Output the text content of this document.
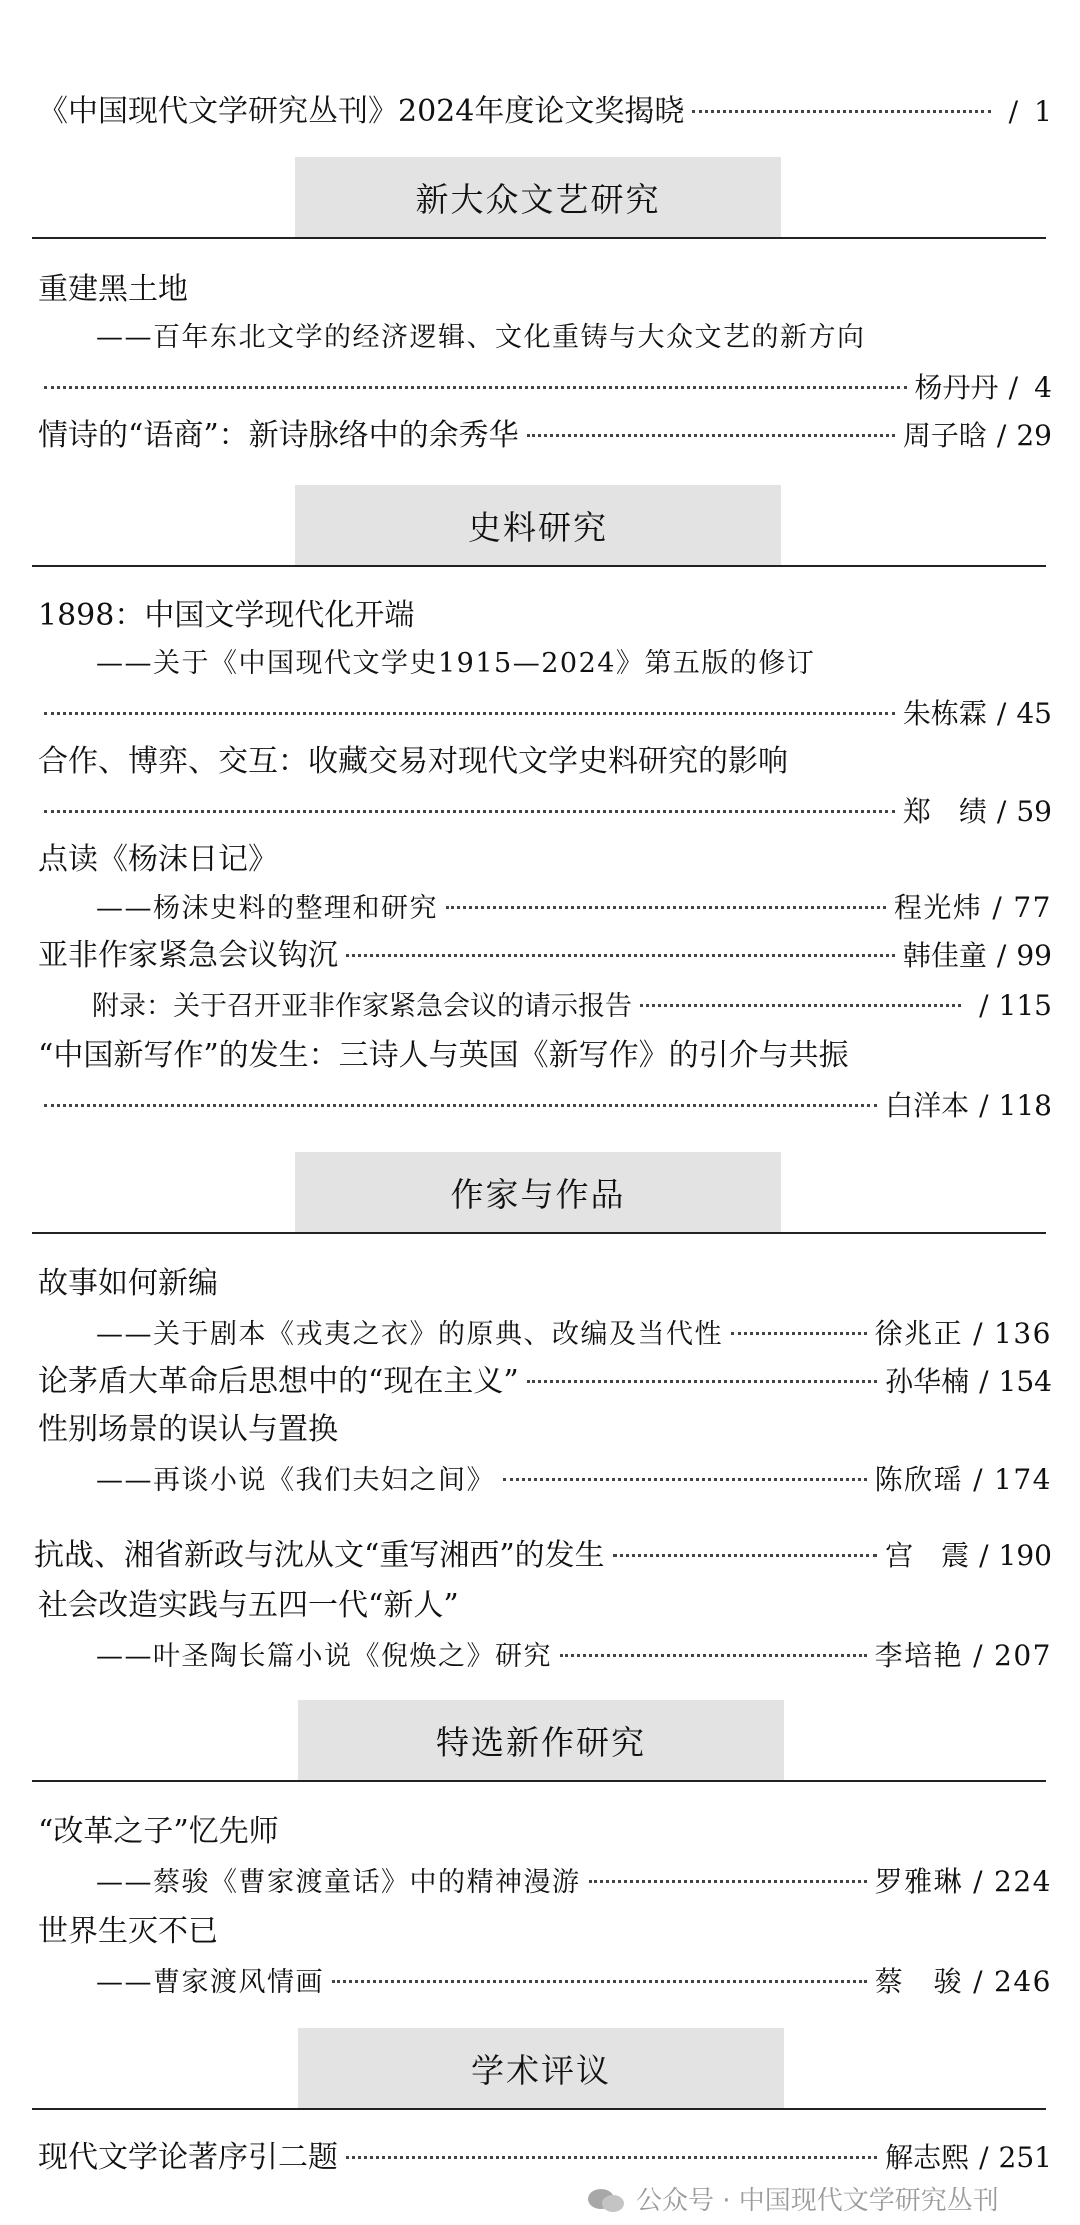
《中国现代文学研究丛刊》2024年度论文奖揭晓	/ 1
新大众文艺研究
重建黑土地
——百年东北文学的经济逻辑、文化重铸与大众文艺的新方向
杨丹丹 / 4
情诗的“语商”：新诗脉络中的余秀华	周子晗 / 29
史料研究
1898：中国文学现代化开端
——关于《中国现代文学史1915—2024》第五版的修订
朱栋霖 / 45
合作、博弈、交互：收藏交易对现代文学史料研究的影响
郑　绩 / 59
点读《杨沫日记》
——杨沫史料的整理和研究	程光炜 / 77
亚非作家紧急会议钩沉	韩佳童 / 99
附录：关于召开亚非作家紧急会议的请示报告	/ 115
“中国新写作”的发生：三诗人与英国《新写作》的引介与共振
白洋本 / 118
作家与作品
故事如何新编
——关于剧本《戎夷之衣》的原典、改编及当代性	徐兆正 / 136
论茅盾大革命后思想中的“现在主义”	孙华楠 / 154
性别场景的误认与置换
——再谈小说《我们夫妇之间》	陈欣瑶 / 174
抗战、湘省新政与沈从文“重写湘西”的发生	宫　震 / 190
社会改造实践与五四一代“新人”
——叶圣陶长篇小说《倪焕之》研究	李培艳 / 207
特选新作研究
“改革之子”忆先师
——蔡骏《曹家渡童话》中的精神漫游	罗雅琳 / 224
世界生灭不已
——曹家渡风情画	蔡　骏 / 246
学术评议
现代文学论著序引二题	解志熙 / 251
公众号 · 中国现代文学研究丛刊
